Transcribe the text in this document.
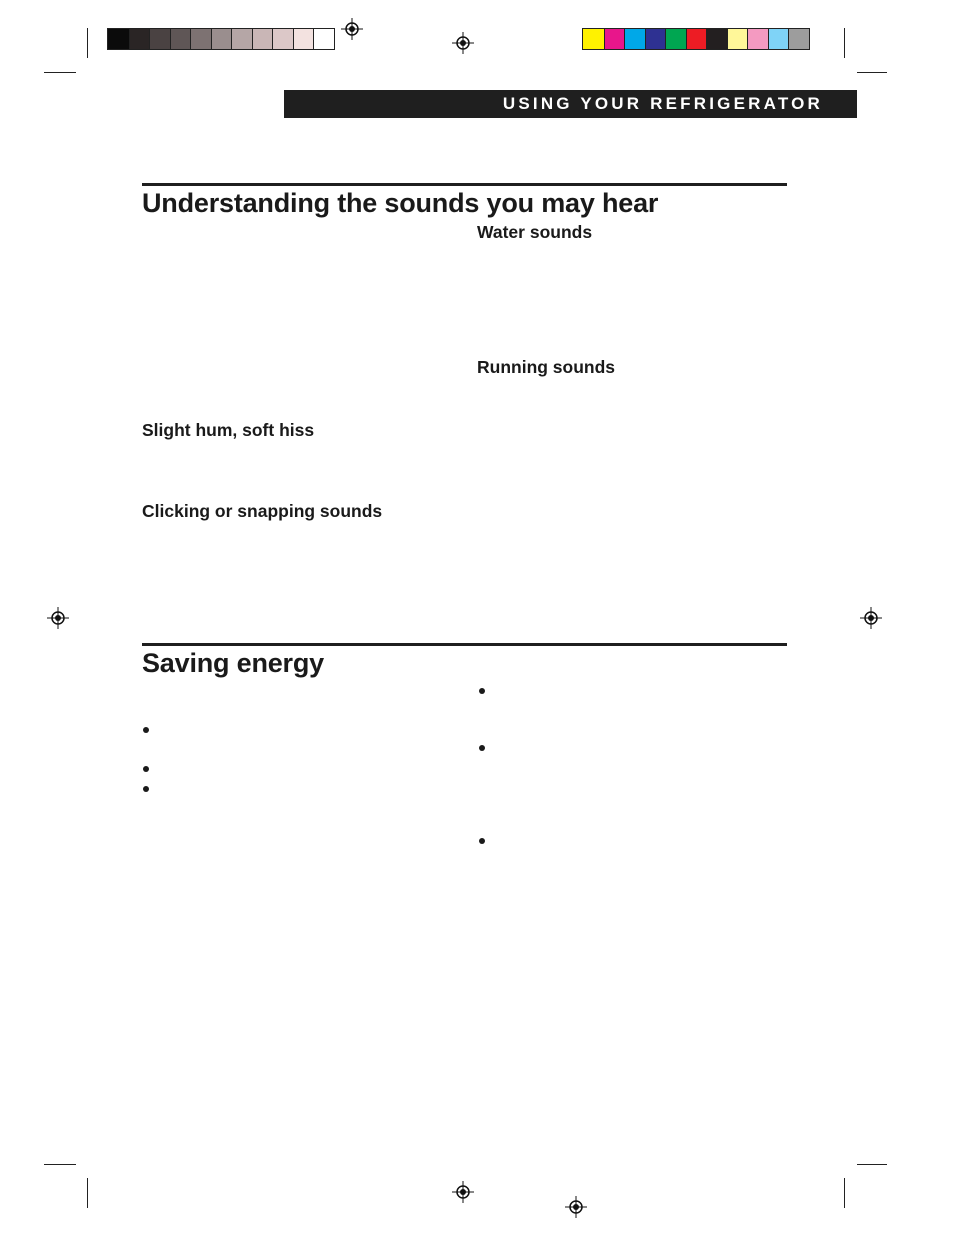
USING YOUR REFRIGERATOR
Understanding the sounds you may hear
Water sounds
Running sounds
Slight hum, soft hiss
Clicking or snapping sounds
Saving energy
